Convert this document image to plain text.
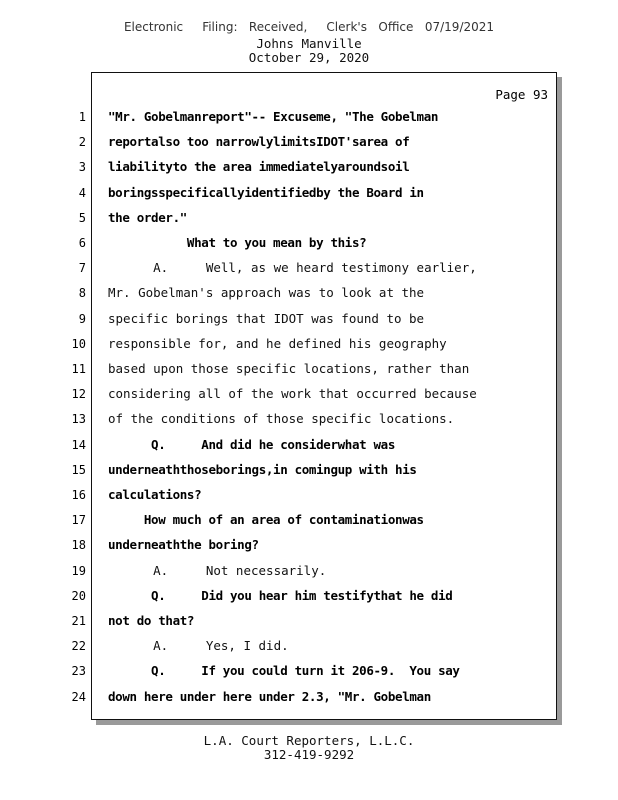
Electronic     Filing:   Received,     Clerk's   Office   07/19/2021
Johns Manville
October 29, 2020
Page 93
1 "Mr. Gobelmanreport"-- Excuseme, "The Gobelman
2 reportalso too narrowlylimitsIDOT'sarea of
3 liabilityto the area immediatelyaroundsoil
4 boringsspecificallyidentifiedby the Board in
5 the order."
6 What to you mean by this?
7 A.     Well, as we heard testimony earlier,
8 Mr. Gobelman's approach was to look at the
9 specific borings that IDOT was found to be
10 responsible for, and he defined his geography
11 based upon those specific locations, rather than
12 considering all of the work that occurred because
13 of the conditions of those specific locations.
14 Q.     And did he considerwhat was
15 underneaththoseborings,in comingup with his
16 calculations?
17 How much of an area of contaminationwas
18 underneaththe boring?
19 A.     Not necessarily.
20 Q.     Did you hear him testifythat he did
21 not do that?
22 A.     Yes, I did.
23 Q.     If you could turn it 206-9.  You say
24 down here under here under 2.3, "Mr. Gobelman
L.A. Court Reporters, L.L.C.
312-419-9292
